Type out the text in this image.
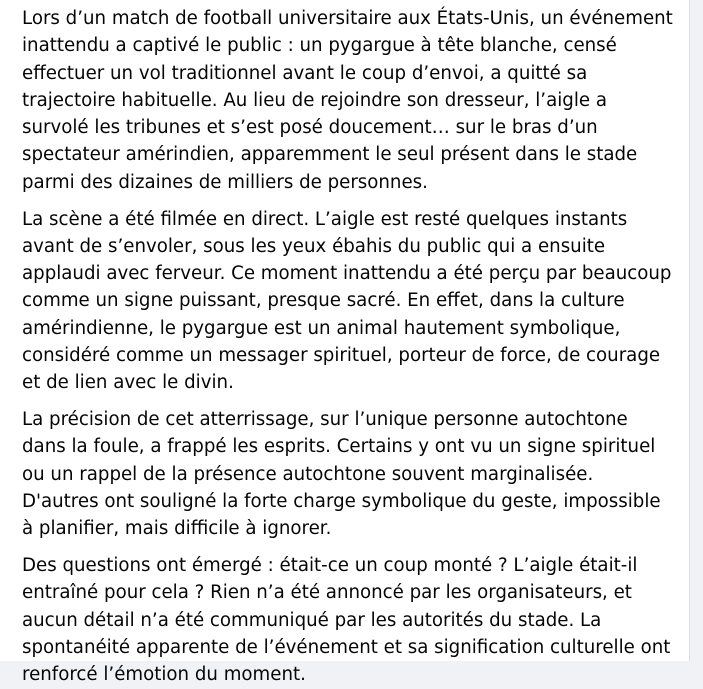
Lors d’un match de football universitaire aux États-Unis, un événement inattendu a captivé le public : un pygargue à tête blanche, censé effectuer un vol traditionnel avant le coup d’envoi, a quitté sa trajectoire habituelle. Au lieu de rejoindre son dresseur, l’aigle a survolé les tribunes et s’est posé doucement… sur le bras d’un spectateur amérindien, apparemment le seul présent dans le stade parmi des dizaines de milliers de personnes.

La scène a été filmée en direct. L’aigle est resté quelques instants avant de s’envoler, sous les yeux ébahis du public qui a ensuite applaudi avec ferveur. Ce moment inattendu a été perçu par beaucoup comme un signe puissant, presque sacré. En effet, dans la culture amérindienne, le pygargue est un animal hautement symbolique, considéré comme un messager spirituel, porteur de force, de courage et de lien avec le divin.

La précision de cet atterrissage, sur l’unique personne autochtone dans la foule, a frappé les esprits. Certains y ont vu un signe spirituel ou un rappel de la présence autochtone souvent marginalisée. D'autres ont souligné la forte charge symbolique du geste, impossible à planifier, mais difficile à ignorer.

Des questions ont émergé : était-ce un coup monté ? L’aigle était-il entraîné pour cela ? Rien n’a été annoncé par les organisateurs, et aucun détail n’a été communiqué par les autorités du stade. La spontanéité apparente de l’événement et sa signification culturelle ont renforcé l’émotion du moment.
